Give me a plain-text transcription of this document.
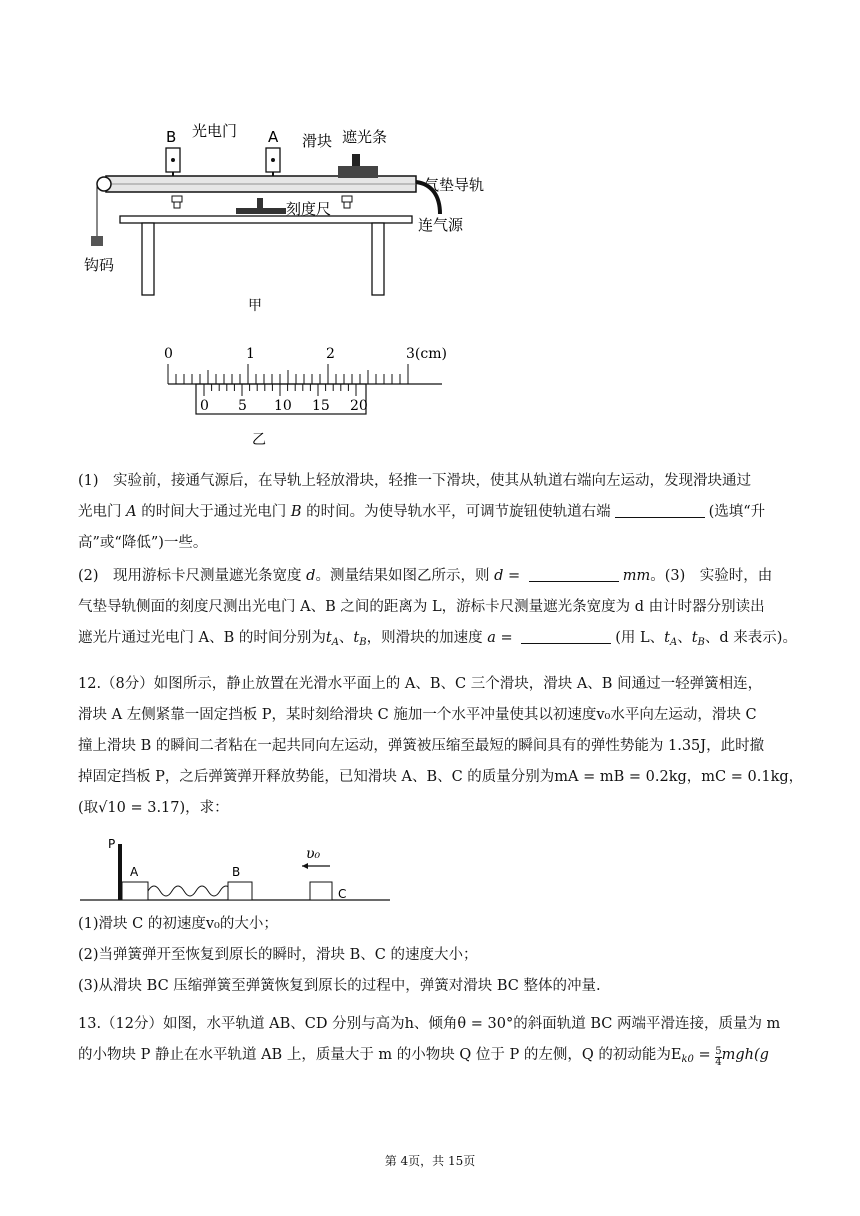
B 光电门 A 滑块 遮光条
气垫导轨
刻度尺
连气源
钩码
甲
0	1	2	3(cm)
0 5 10 15 20
乙
(1)　实验前，接通气源后，在导轨上轻放滑块，轻推一下滑块，使其从轨道右端向左运动，发现滑块通过
光电门 A 的时间大于通过光电门 B 的时间。为使导轨水平，可调节旋钮使轨道右端	(选填“升
高”或“降低”)一些。
(2)　现用游标卡尺测量遮光条宽度 d。测量结果如图乙所示，则 d =	mm。(3)　实验时，由
气垫导轨侧面的刻度尺测出光电门 A、B 之间的距离为 L，游标卡尺测量遮光条宽度为 d 由计时器分别读出
遮光片通过光电门 A、B 的时间分别为$t_A$、$t_B$，则滑块的加速度 a =	(用 L、$t_A$、$t_B$、d 来表示)。
12.（8分）如图所示，静止放置在光滑水平面上的 A、B、C 三个滑块，滑块 A、B 间通过一轻弹簧相连，
滑块 A 左侧紧靠一固定挡板 P，某时刻给滑块 C 施加一个水平冲量使其以初速度v₀水平向左运动，滑块 C
撞上滑块 B 的瞬间二者粘在一起共同向左运动，弹簧被压缩至最短的瞬间具有的弹性势能为 1.35J，此时撤
掉固定挡板 P，之后弹簧弹开释放势能，已知滑块 A、B、C 的质量分别为mA = mB = 0.2kg，mC = 0.1kg，
(取√10 = 3.17)，求：
P
A	B
C
υ₀
(1)滑块 C 的初速度v₀的大小；
(2)当弹簧弹开至恢复到原长的瞬时，滑块 B、C 的速度大小；
(3)从滑块 BC 压缩弹簧至弹簧恢复到原长的过程中，弹簧对滑块 BC 整体的冲量.
13.（12分）如图，水平轨道 AB、CD 分别与高为h、倾角θ = 30°的斜面轨道 BC 两端平滑连接，质量为 m
的小物块 P 静止在水平轨道 AB 上，质量大于 m 的小物块 Q 位于 P 的左侧，Q 的初动能为$E_{k0} = \frac{5}{4} mgh(g$
第 4页，共 15页
